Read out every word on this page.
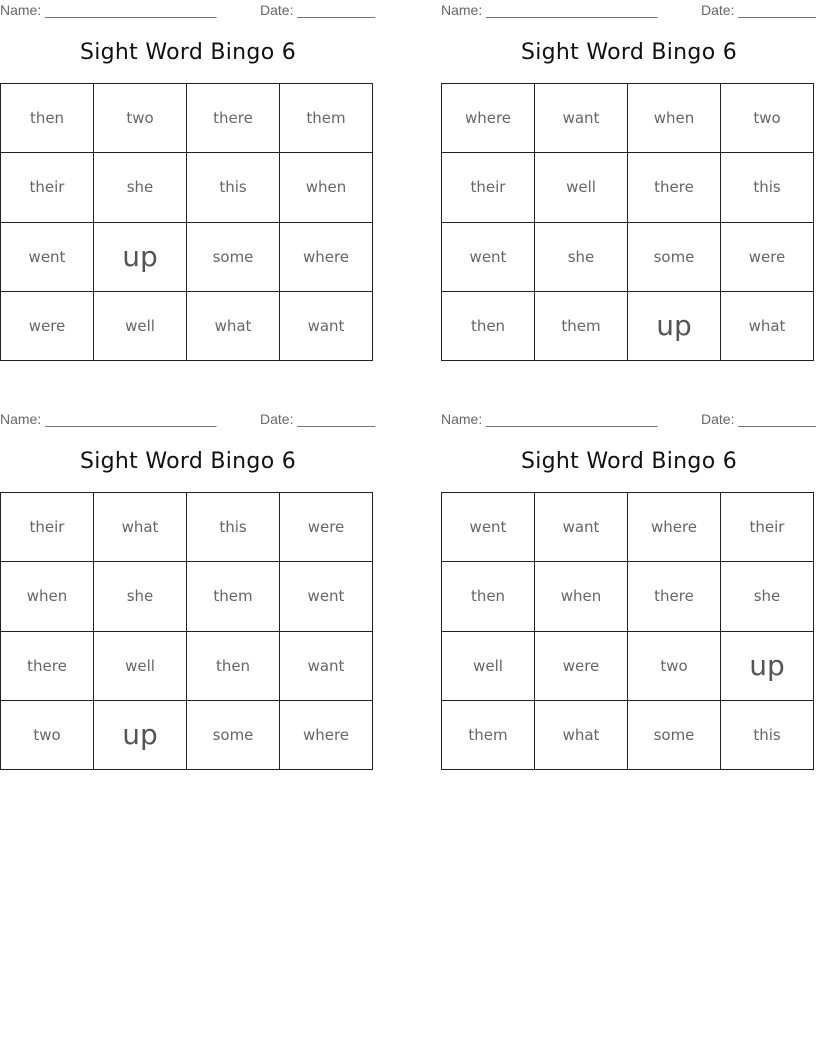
Name: ______________________	Date: __________
Sight Word Bingo 6
then	two	there	them
their	she	this	when
went	up	some	where
were	well	what	want
Name: ______________________	Date: __________
Sight Word Bingo 6
where	want	when	two
their	well	there	this
went	she	some	were
then	them	up	what
Name: ______________________	Date: __________
Sight Word Bingo 6
their	what	this	were
when	she	them	went
there	well	then	want
two	up	some	where
Name: ______________________	Date: __________
Sight Word Bingo 6
went	want	where	their
then	when	there	she
well	were	two	up
them	what	some	this
